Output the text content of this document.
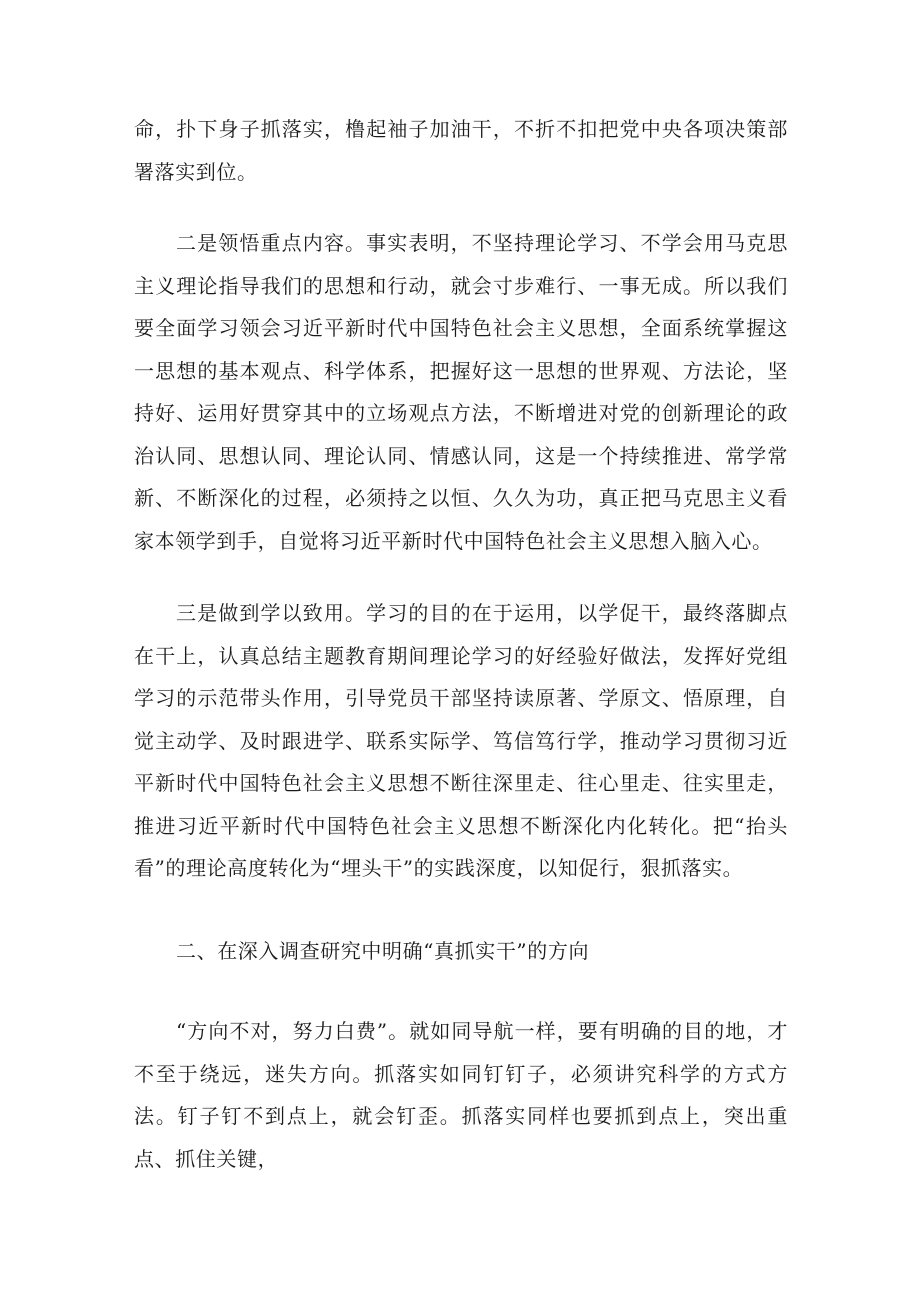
命，扑下身子抓落实，橹起袖子加油干，不折不扣把党中央各项决策部署落实到位。

二是领悟重点内容。事实表明，不坚持理论学习、不学会用马克思主义理论指导我们的思想和行动，就会寸步难行、一事无成。所以我们要全面学习领会习近平新时代中国特色社会主义思想，全面系统掌握这一思想的基本观点、科学体系，把握好这一思想的世界观、方法论，坚持好、运用好贯穿其中的立场观点方法，不断增进对党的创新理论的政治认同、思想认同、理论认同、情感认同，这是一个持续推进、常学常新、不断深化的过程，必须持之以恒、久久为功，真正把马克思主义看家本领学到手，自觉将习近平新时代中国特色社会主义思想入脑入心。

三是做到学以致用。学习的目的在于运用，以学促干，最终落脚点在干上，认真总结主题教育期间理论学习的好经验好做法，发挥好党组学习的示范带头作用，引导党员干部坚持读原著、学原文、悟原理，自觉主动学、及时跟进学、联系实际学、笃信笃行学，推动学习贯彻习近平新时代中国特色社会主义思想不断往深里走、往心里走、往实里走，推进习近平新时代中国特色社会主义思想不断深化内化转化。把“抬头看”的理论高度转化为“埋头干”的实践深度，以知促行，狠抓落实。

二、在深入调查研究中明确“真抓实干”的方向

“方向不对，努力白费”。就如同导航一样，要有明确的目的地，才不至于绕远，迷失方向。抓落实如同钉钉子，必须讲究科学的方式方法。钉子钉不到点上，就会钉歪。抓落实同样也要抓到点上，突出重点、抓住关键，
